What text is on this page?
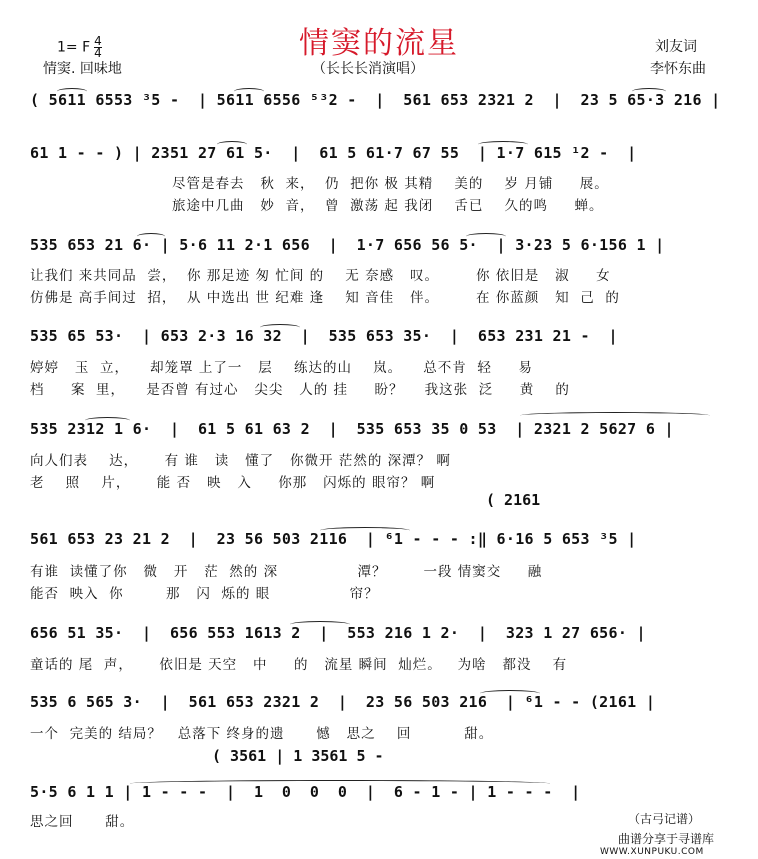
情窦的流星
1= F $\frac{4}{4}$
情窦. 回味地
刘友词
李怀东曲
（长长长消演唱）
( 5611 6553 ³5 -  | 5611 6556 ⁵³2 -  |  561 653 2321 2  |  23 5 65·3 216 |
61 1 - - ) | 2351 27 61 5·  |  61 5 61·7 67 55  | 1·7 615 ¹2 -  |
尽管是春去   秋  来，  仍  把你 极 其精    美的    岁 月铺     展。
旅途中几曲   妙  音，  曾  激荡 起 我闭    舌已    久的鸣     蝉。
535 653 21 6· | 5·6 11 2·1 656  |  1·7 656 56 5·  | 3·23 5 6·156 1 |
让我们 来共同品  尝，  你 那足迹 匆 忙间 的    无 奈感   叹。       你 依旧是   淑     女
仿佛是 高手间过  招，  从 中选出 世 纪难 逢    知 音佳   伴。       在 你蓝颜   知  己  的
535 65 53·  | 653 2·3 16 32  |  535 653 35·  |  653 231 21 -  |
婷婷   玉  立，    却笼罩 上了一   层    练达的山    岚。    总不肯  轻     易
档     案  里，    是否曾 有过心   尖尖   人的 挂     盼？    我这张  泛     黄    的
535 2312 1 6·  |  61 5 61 63 2  |  535 653 35 0 53  | 2321 2 5627 6 |
向人们表    达，     有 谁   读   懂了   你微开 茫然的 深潭？ 啊
老    照    片，     能 否   映   入     你那   闪烁的 眼帘？ 啊
( 2161
561 653 23 21 2  |  23 56 503 2116  | ⁶1 - - - :‖ 6·16 5 653 ³5 |
有谁  读懂了你   微   开   茫  然的 深               潭？       一段 情窦交     融
能否  映入  你        那   闪  烁的 眼               帘？
656 51 35·  |  656 553 1613 2  |  553 216 1 2·  |  323 1 27 656· |
童话的 尾  声，     依旧是 天空   中     的   流星 瞬间  灿烂。   为啥   都没    有
535 6 565 3·  |  561 653 2321 2  |  23 56 503 216  | ⁶1 - - (2161 |
一个  完美的 结局？   总落下 终身的遗      憾   思之    回          甜。
( 3561 | 1 3561 5 -
5·5 6 1 1 | 1 - - -  |  1  0  0  0  |  6 - 1 - | 1 - - -  |
思之回      甜。	（古弓记谱）
曲谱分享于寻谱库
WWW.XUNPUKU.COM
